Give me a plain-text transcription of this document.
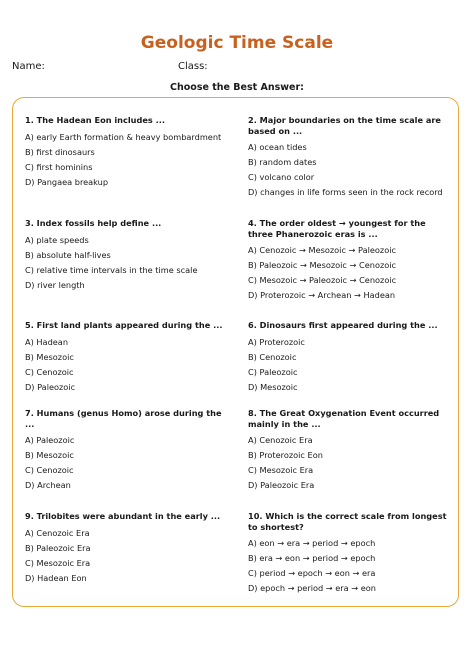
Geologic Time Scale
Name:	Class:
Choose the Best Answer:
1. The Hadean Eon includes ...
A) early Earth formation & heavy bombardment
B) first dinosaurs
C) first hominins
D) Pangaea breakup
2. Major boundaries on the time scale are based on ...
A) ocean tides
B) random dates
C) volcano color
D) changes in life forms seen in the rock record
3. Index fossils help define ...
A) plate speeds
B) absolute half-lives
C) relative time intervals in the time scale
D) river length
4. The order oldest → youngest for the three Phanerozoic eras is ...
A) Cenozoic → Mesozoic → Paleozoic
B) Paleozoic → Mesozoic → Cenozoic
C) Mesozoic → Paleozoic → Cenozoic
D) Proterozoic → Archean → Hadean
5. First land plants appeared during the ...
A) Hadean
B) Mesozoic
C) Cenozoic
D) Paleozoic
6. Dinosaurs first appeared during the ...
A) Proterozoic
B) Cenozoic
C) Paleozoic
D) Mesozoic
7. Humans (genus Homo) arose during the ...
A) Paleozoic
B) Mesozoic
C) Cenozoic
D) Archean
8. The Great Oxygenation Event occurred mainly in the ...
A) Cenozoic Era
B) Proterozoic Eon
C) Mesozoic Era
D) Paleozoic Era
9. Trilobites were abundant in the early ...
A) Cenozoic Era
B) Paleozoic Era
C) Mesozoic Era
D) Hadean Eon
10. Which is the correct scale from longest to shortest?
A) eon → era → period → epoch
B) era → eon → period → epoch
C) period → epoch → eon → era
D) epoch → period → era → eon
